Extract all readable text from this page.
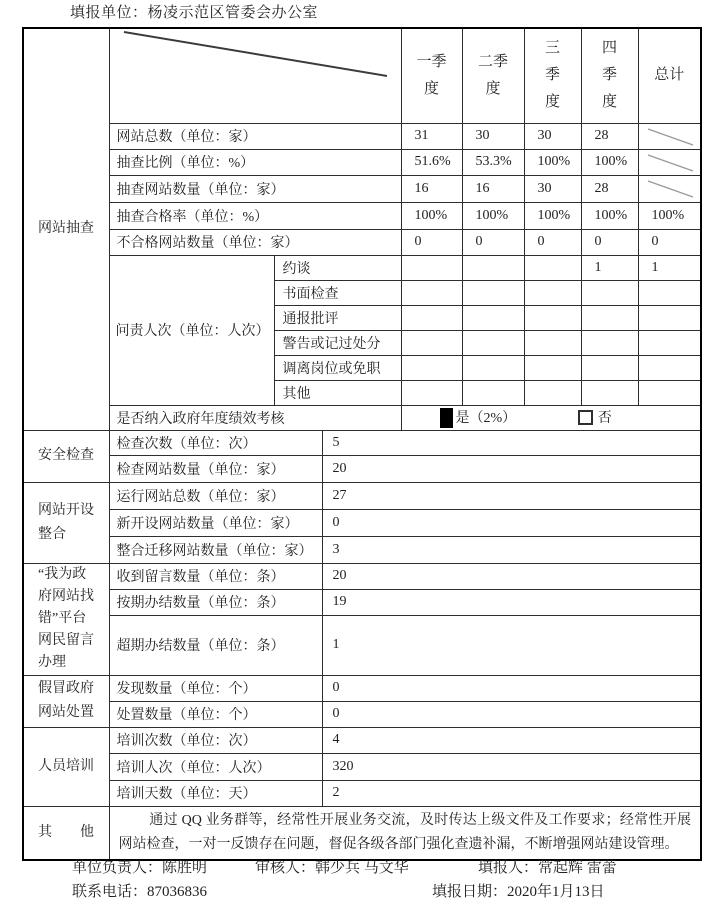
填报单位：杨凌示范区管委会办公室
网站抽查				一季度	二季度	三季度	四季度	总计
	网站总数（单位：家）			31	30	30	28	

	抽查比例（单位：%）			51.6%	53.3%	100%	100%	

	抽查网站数量（单位：家）			16	16	30	28	

	抽查合格率（单位：%）			100%	100%	100%	100%	100%
	不合格网站数量（单位：家）			0	0	0	0	0
	问责人次（单位：人次）	约谈					1	1
		书面检查						
		通报批评						
		警告或记过处分						
		调离岗位或免职						
		其他						
	是否纳入政府年度绩效考核			是（2%） 否				
安全检查	检查次数（单位：次）		5					
	检查网站数量（单位：家）		20					
网站开设整合	运行网站总数（单位：家）		27					
	新开设网站数量（单位：家）		0					
	整合迁移网站数量（单位：家）		3					
“我为政府网站找错”平台网民留言办理	收到留言数量（单位：条）		20					
	按期办结数量（单位：条）		19					
	超期办结数量（单位：条）		1					
假冒政府网站处置	发现数量（单位：个）		0					
	处置数量（单位：个）		0					
人员培训	培训次数（单位：次）		4					
	培训人次（单位：人次）		320					
	培训天数（单位：天）		2					
其　　他	通过 QQ 业务群等，经常性开展业务交流，及时传达上级文件及工作要求；经常性开展网站检查，一对一反馈存在问题，督促各级各部门强化查遗补漏，不断增强网站建设管理。							
单位负责人：陈胜明	审核人：韩少兵 马文华	填报人：常起辉 雷蕾
联系电话：87036836	填报日期：2020年1月13日
